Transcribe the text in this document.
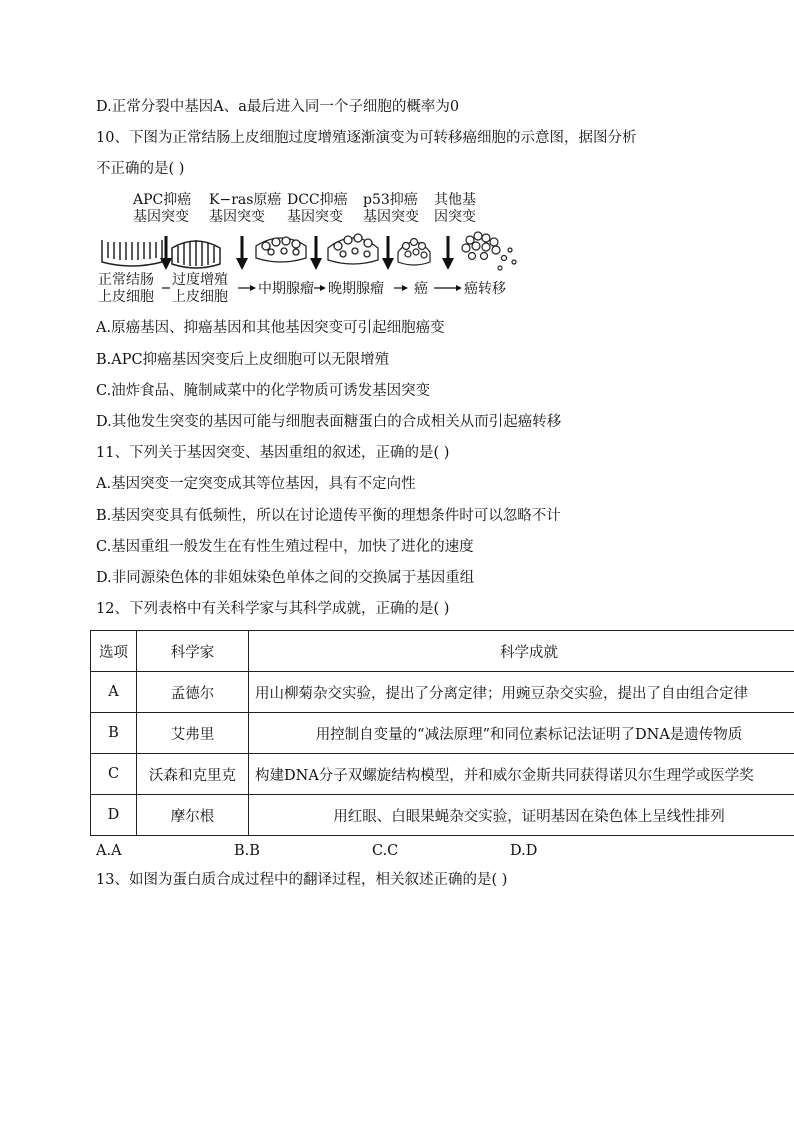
D.正常分裂中基因A、a最后进入同一个子细胞的概率为0
10、下图为正常结肠上皮细胞过度增殖逐渐演变为可转移癌细胞的示意图，据图分析
不正确的是( )
APC抑癌
基因突变
K−ras原癌
基因突变
DCC抑癌
基因突变
p53抑癌
基因突变
其他基
因突变
正常结肠
上皮细胞
过度增殖
上皮细胞 中期腺瘤 晚期腺瘤 癌	癌转移
A.原癌基因、抑癌基因和其他基因突变可引起细胞癌变
B.APC抑癌基因突变后上皮细胞可以无限增殖
C.油炸食品、腌制咸菜中的化学物质可诱发基因突变
D.其他发生突变的基因可能与细胞表面糖蛋白的合成相关从而引起癌转移
11、下列关于基因突变、基因重组的叙述，正确的是( )
A.基因突变一定突变成其等位基因，具有不定向性
B.基因突变具有低频性，所以在讨论遗传平衡的理想条件时可以忽略不计
C.基因重组一般发生在有性生殖过程中，加快了进化的速度
D.非同源染色体的非姐妹染色单体之间的交换属于基因重组
12、下列表格中有关科学家与其科学成就，正确的是( )
选项	科学家	科学成就
A	孟德尔	用山柳菊杂交实验，提出了分离定律；用豌豆杂交实验，提出了自由组合定律
B	艾弗里	用控制自变量的“减法原理”和同位素标记法证明了DNA是遗传物质
C	沃森和克里克	构建DNA分子双螺旋结构模型，并和威尔金斯共同获得诺贝尔生理学或医学奖
D	摩尔根	用红眼、白眼果蝇杂交实验，证明基因在染色体上呈线性排列
A.A	B.B	C.C	D.D
13、如图为蛋白质合成过程中的翻译过程，相关叙述正确的是( )
